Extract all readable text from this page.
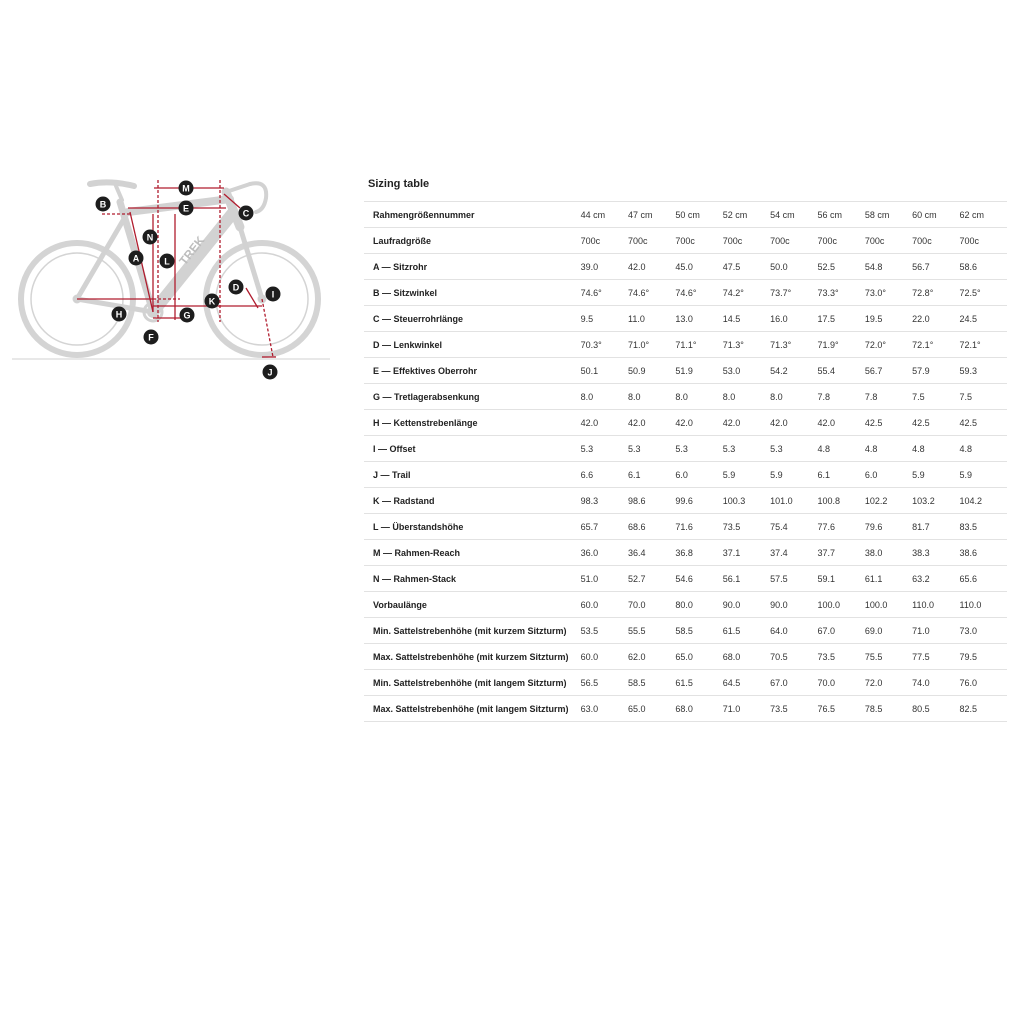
TREK
A
B
C
D
E
F
G
H
I
J
K
L
M
N
Sizing table
Rahmengrößennummer	44 cm	47 cm	50 cm	52 cm	54 cm	56 cm	58 cm	60 cm	62 cm
Laufradgröße	700c	700c	700c	700c	700c	700c	700c	700c	700c
A — Sitzrohr	39.0	42.0	45.0	47.5	50.0	52.5	54.8	56.7	58.6
B — Sitzwinkel	74.6°	74.6°	74.6°	74.2°	73.7°	73.3°	73.0°	72.8°	72.5°
C — Steuerrohrlänge	9.5	11.0	13.0	14.5	16.0	17.5	19.5	22.0	24.5
D — Lenkwinkel	70.3°	71.0°	71.1°	71.3°	71.3°	71.9°	72.0°	72.1°	72.1°
E — Effektives Oberrohr	50.1	50.9	51.9	53.0	54.2	55.4	56.7	57.9	59.3
G — Tretlagerabsenkung	8.0	8.0	8.0	8.0	8.0	7.8	7.8	7.5	7.5
H — Kettenstrebenlänge	42.0	42.0	42.0	42.0	42.0	42.0	42.5	42.5	42.5
I — Offset	5.3	5.3	5.3	5.3	5.3	4.8	4.8	4.8	4.8
J — Trail	6.6	6.1	6.0	5.9	5.9	6.1	6.0	5.9	5.9
K — Radstand	98.3	98.6	99.6	100.3	101.0	100.8	102.2	103.2	104.2
L — Überstandshöhe	65.7	68.6	71.6	73.5	75.4	77.6	79.6	81.7	83.5
M — Rahmen-Reach	36.0	36.4	36.8	37.1	37.4	37.7	38.0	38.3	38.6
N — Rahmen-Stack	51.0	52.7	54.6	56.1	57.5	59.1	61.1	63.2	65.6
Vorbaulänge	60.0	70.0	80.0	90.0	90.0	100.0	100.0	110.0	110.0
Min. Sattelstrebenhöhe (mit kurzem Sitzturm)	53.5	55.5	58.5	61.5	64.0	67.0	69.0	71.0	73.0
Max. Sattelstrebenhöhe (mit kurzem Sitzturm)	60.0	62.0	65.0	68.0	70.5	73.5	75.5	77.5	79.5
Min. Sattelstrebenhöhe (mit langem Sitzturm)	56.5	58.5	61.5	64.5	67.0	70.0	72.0	74.0	76.0
Max. Sattelstrebenhöhe (mit langem Sitzturm)	63.0	65.0	68.0	71.0	73.5	76.5	78.5	80.5	82.5
